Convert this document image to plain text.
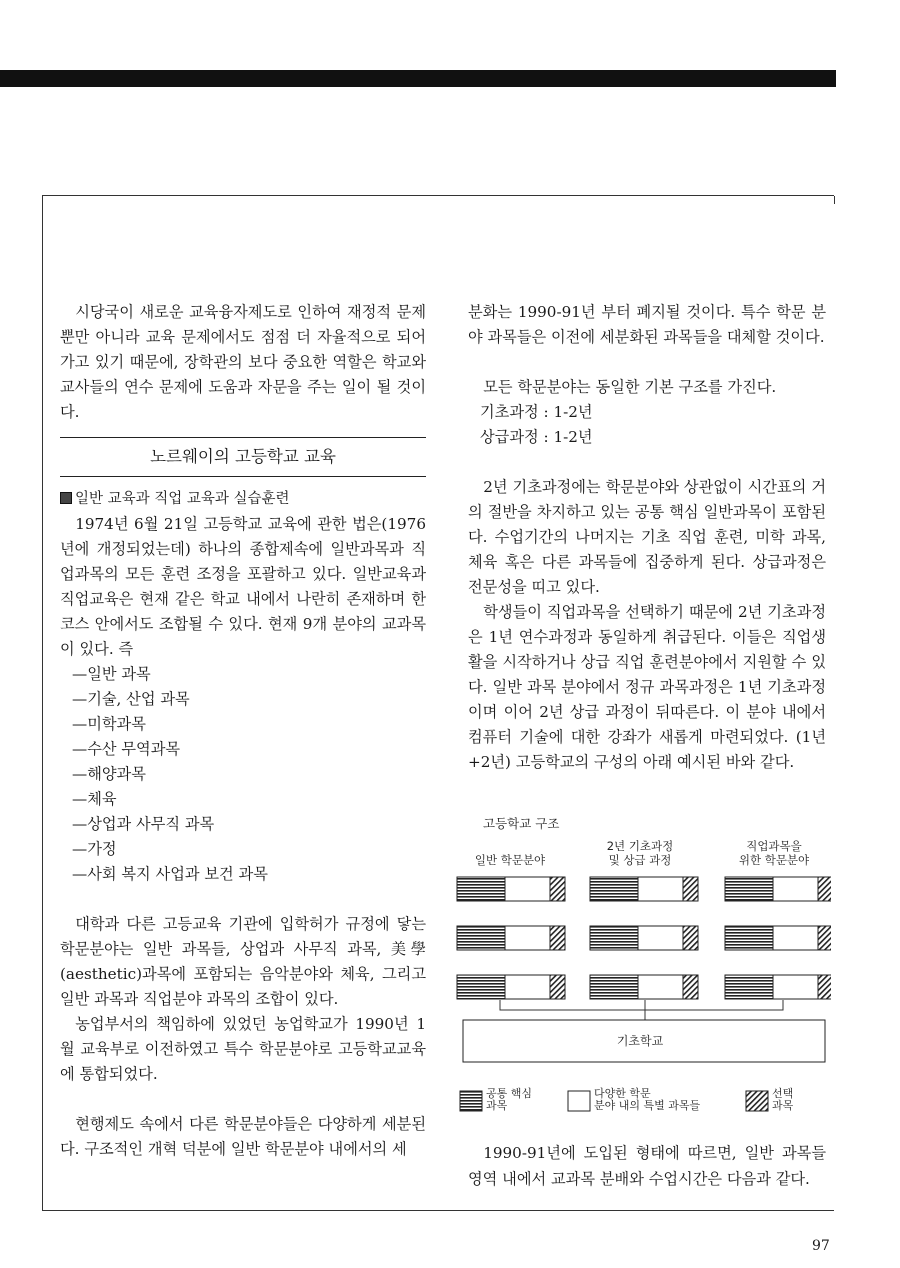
시당국이 새로운 교육융자제도로 인하여 재정적 문제뿐만 아니라 교육 문제에서도 점점 더 자율적으로 되어가고 있기 때문에, 장학관의 보다 중요한 역할은 학교와 교사들의 연수 문제에 도움과 자문을 주는 일이 될 것이다.

노르웨이의 고등학교 교육
일반 교육과 직업 교육과 실습훈련

1974년 6월 21일 고등학교 교육에 관한 법은(1976년에 개정되었는데) 하나의 종합제속에 일반과목과 직업과목의 모든 훈련 조정을 포괄하고 있다. 일반교육과 직업교육은 현재 같은 학교 내에서 나란히 존재하며 한 코스 안에서도 조합될 수 있다. 현재 9개 분야의 교과목이 있다. 즉

—일반 과목
—기술, 산업 과목
—미학과목
—수산 무역과목
—해양과목
—체육
—상업과 사무직 과목
—가정
—사회 복지 사업과 보건 과목

대학과 다른 고등교육 기관에 입학허가 규정에 닿는 학문분야는 일반 과목들, 상업과 사무직 과목, 美學(aesthetic)과목에 포함되는 음악분야와 체육, 그리고 일반 과목과 직업분야 과목의 조합이 있다.

농업부서의 책임하에 있었던 농업학교가 1990년 1월 교육부로 이전하였고 특수 학문분야로 고등학교교육에 통합되었다.

현행제도 속에서 다른 학문분야들은 다양하게 세분된다. 구조적인 개혁 덕분에 일반 학문분야 내에서의 세

분화는 1990-91년 부터 폐지될 것이다. 특수 학문 분야 과목들은 이전에 세분화된 과목들을 대체할 것이다.

모든 학문분야는 동일한 기본 구조를 가진다.

기초과정 : 1-2년
상급과정 : 1-2년

2년 기초과정에는 학문분야와 상관없이 시간표의 거의 절반을 차지하고 있는 공통 핵심 일반과목이 포함된다. 수업기간의 나머지는 기초 직업 훈련, 미학 과목, 체육 혹은 다른 과목들에 집중하게 된다. 상급과정은 전문성을 띠고 있다.

학생들이 직업과목을 선택하기 때문에 2년 기초과정은 1년 연수과정과 동일하게 취급된다. 이들은 직업생활을 시작하거나 상급 직업 훈련분야에서 지원할 수 있다. 일반 과목 분야에서 정규 과목과정은 1년 기초과정이며 이어 2년 상급 과정이 뒤따른다. 이 분야 내에서 컴퓨터 기술에 대한 강좌가 새롭게 마련되었다. (1년+2년) 고등학교의 구성의 아래 예시된 바와 같다.

고등학교 구조
일반 학문분야
2년 기초과정
및 상급 과정
직업과목을
위한 학문분야
기초학교
공통 핵심
과목
다양한 학문
분야 내의 특별 과목들
선택
과목

1990-91년에 도입된 형태에 따르면, 일반 과목들 영역 내에서 교과목 분배와 수업시간은 다음과 같다.

97
